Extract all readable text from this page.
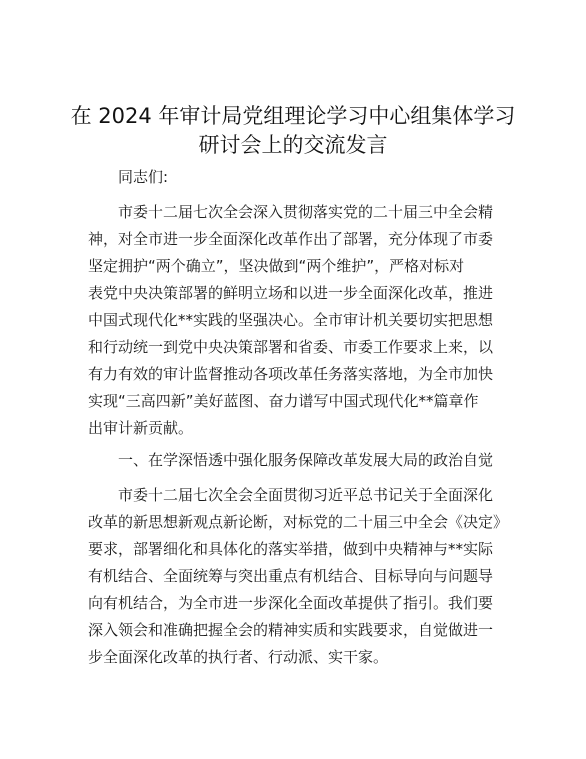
在 2024 年审计局党组理论学习中心组集体学习
研讨会上的交流发言
同志们:
市委十二届七次全会深入贯彻落实党的二十届三中全会精
神，对全市进一步全面深化改革作出了部署，充分体现了市委
坚定拥护“两个确立”，坚决做到“两个维护”，严格对标对
表党中央决策部署的鲜明立场和以进一步全面深化改革，推进
中国式现代化**实践的坚强决心。全市审计机关要切实把思想
和行动统一到党中央决策部署和省委、市委工作要求上来，以
有力有效的审计监督推动各项改革任务落实落地，为全市加快
实现“三高四新”美好蓝图、奋力谱写中国式现代化**篇章作
出审计新贡献。
一、在学深悟透中强化服务保障改革发展大局的政治自觉
市委十二届七次全会全面贯彻习近平总书记关于全面深化
改革的新思想新观点新论断，对标党的二十届三中全会《决定》
要求，部署细化和具体化的落实举措，做到中央精神与**实际
有机结合、全面统筹与突出重点有机结合、目标导向与问题导
向有机结合，为全市进一步深化全面改革提供了指引。我们要
深入领会和准确把握全会的精神实质和实践要求，自觉做进一
步全面深化改革的执行者、行动派、实干家。
